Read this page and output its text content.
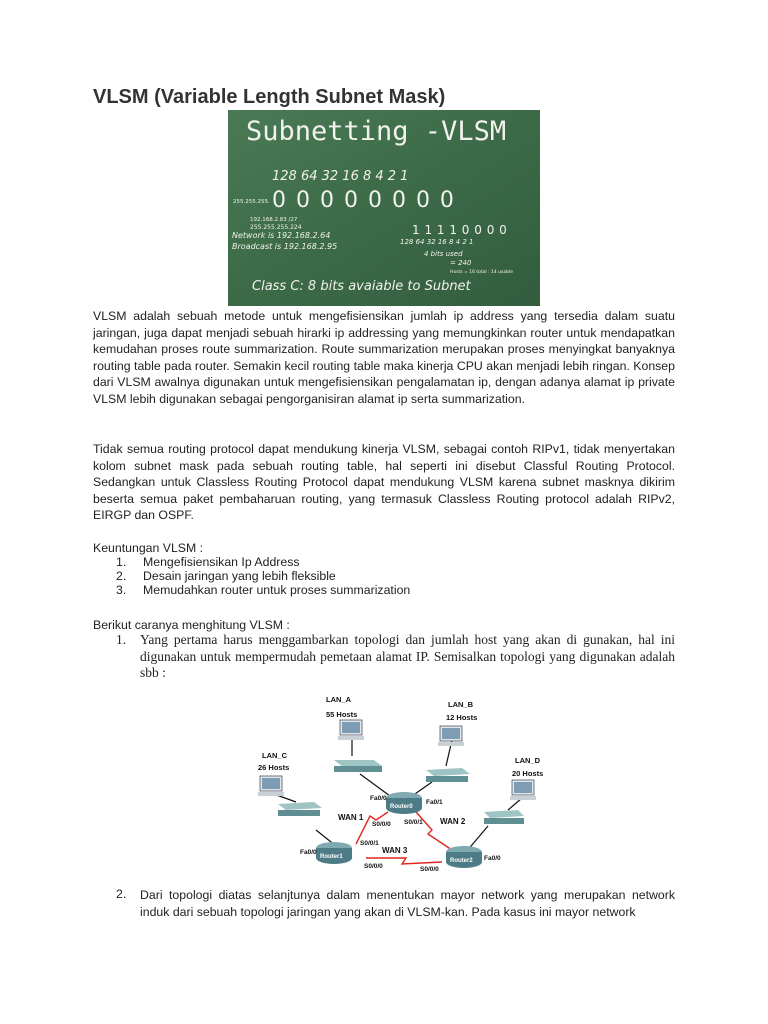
VLSM (Variable Length Subnet Mask)
Subnetting -VLSM
128 64 32 16 8 4 2 1
255.255.255. 0 0 0 0 0 0 0 0
192.168.2.83 /27
255.255.255.224
Network is 192.168.2.64
Broadcast is 192.168.2.95
1 1 1 1 0 0 0 0
128 64 32 16 8 4 2 1
4 bits used
= 240
Hosts = 16 total : 14 usable
Class C: 8 bits avaiable to Subnet

VLSM adalah sebuah metode untuk mengefisiensikan jumlah ip address yang tersedia dalam suatu jaringan, juga dapat menjadi sebuah hirarki ip addressing yang memungkinkan router untuk mendapatkan kemudahan proses route summarization. Route summarization merupakan proses menyingkat banyaknya routing table pada router. Semakin kecil routing table maka kinerja CPU akan menjadi lebih ringan. Konsep dari VLSM awalnya digunakan untuk mengefisiensikan pengalamatan ip, dengan adanya alamat ip private VLSM lebih digunakan sebagai pengorganisiran alamat ip serta summarization.

Tidak semua routing protocol dapat mendukung kinerja VLSM, sebagai contoh RIPv1, tidak menyertakan kolom subnet mask pada sebuah routing table, hal seperti ini disebut Classful Routing Protocol. Sedangkan untuk Classless Routing Protocol dapat mendukung VLSM karena subnet masknya dikirim beserta semua paket pembaharuan routing, yang termasuk Classless Routing protocol adalah RIPv2, EIRGP dan OSPF.

Keuntungan VLSM :
1. Mengefisiensikan Ip Address
2. Desain jaringan yang lebih fleksible
3. Memudahkan router untuk proses summarization
Berikut caranya menghitung VLSM :
1. Yang pertama harus menggambarkan topologi dan jumlah host yang akan di gunakan, hal ini digunakan untuk mempermudah pemetaan alamat IP. Semisalkan topologi yang digunakan adalah sbb :

LAN_A
55 Hosts
LAN_B
12 Hosts
LAN_C
26 Hosts
LAN_D
20 Hosts
Fa0/0
Fa0/1
S0/0/0 S0/0/1
S0/0/1
Fa0/0
S0/0/0
Fa0/0
S0/0/0
WAN 1	WAN 2
WAN 3
Router0
Router1
Router2
2. Dari topologi diatas selanjtunya dalam menentukan mayor network yang merupakan network induk dari sebuah topologi jaringan yang akan di VLSM-kan. Pada kasus ini mayor network
